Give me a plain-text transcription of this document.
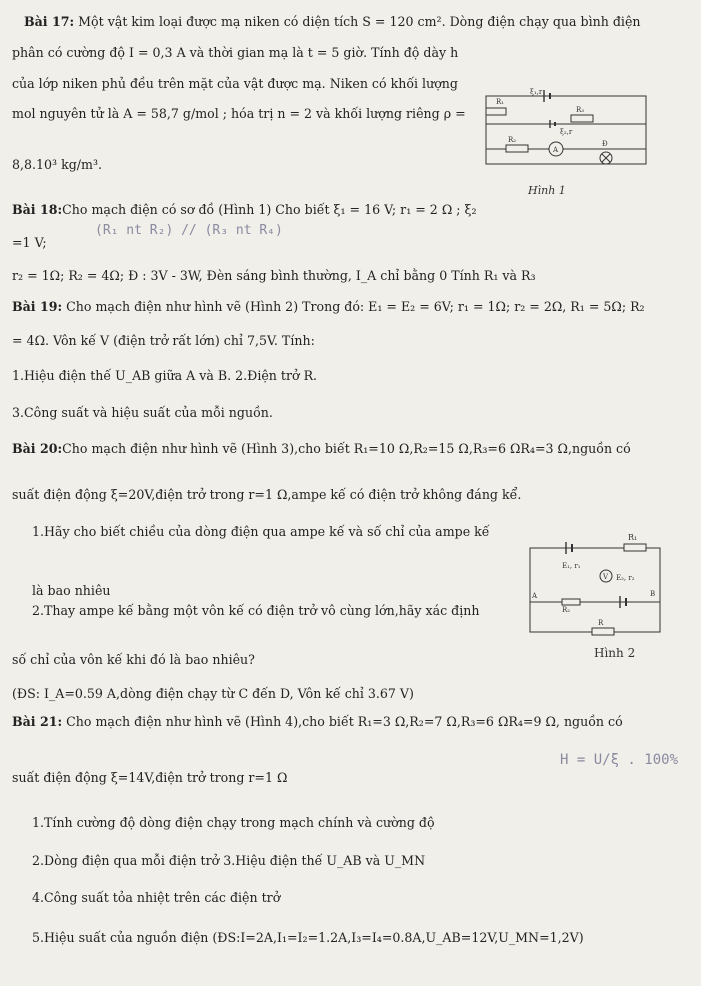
Bài 17: Một vật kim loại được mạ niken có diện tích S = 120 cm². Dòng điện chạy qua bình điện
phân có cường độ I = 0,3 A và thời gian mạ là t = 5 giờ. Tính độ dày h
của lớp niken phủ đều trên mặt của vật được mạ. Niken có khối lượng
mol nguyên tử là A = 58,7 g/mol ; hóa trị n = 2 và khối lượng riêng ρ =
8,8.10³ kg/m³.
Bài 18:Cho mạch điện có sơ đồ (Hình 1) Cho biết ξ₁ = 16 V; r₁ = 2 Ω ; ξ₂
=1 V;
r₂ = 1Ω; R₂ = 4Ω; Đ : 3V - 3W, Đèn sáng bình thường, I_A chỉ bằng 0 Tính R₁ và R₃
Bài 19: Cho mạch điện như hình vẽ (Hình 2) Trong đó: E₁ = E₂ = 6V; r₁ = 1Ω; r₂ = 2Ω, R₁ = 5Ω; R₂
= 4Ω. Vôn kế V (điện trở rất lớn) chỉ 7,5V. Tính:
1.Hiệu điện thế U_AB giữa A và B. 2.Điện trở R.
3.Công suất và hiệu suất của mỗi nguồn.
Bài 20:Cho mạch điện như hình vẽ (Hình 3),cho biết R₁=10 Ω,R₂=15 Ω,R₃=6 ΩR₄=3 Ω,nguồn có
suất điện động ξ=20V,điện trở trong r=1 Ω,ampe kế có điện trở không đáng kể.
1.Hãy cho biết chiều của dòng điện qua ampe kế và số chỉ của ampe kế
là bao nhiêu
2.Thay ampe kế bằng một vôn kế có điện trở vô cùng lớn,hãy xác định
số chỉ của vôn kế khi đó là bao nhiêu?
(ĐS: I_A=0.59 A,dòng điện chạy từ C đến D, Vôn kế chỉ 3.67 V)
Bài 21: Cho mạch điện như hình vẽ (Hình 4),cho biết R₁=3 Ω,R₂=7 Ω,R₃=6 ΩR₄=9 Ω, nguồn có
suất điện động ξ=14V,điện trở trong r=1 Ω
1.Tính cường độ dòng điện chạy trong mạch chính và cường độ
2.Dòng điện qua mỗi điện trở 3.Hiệu điện thế U_AB và U_MN
4.Công suất tỏa nhiệt trên các điện trở
5.Hiệu suất của nguồn điện (ĐS:I=2A,I₁=I₂=1.2A,I₃=I₄=0.8A,U_AB=12V,U_MN=1,2V)
ξ₁,r
R₁
R₃
ξ₂,r
R₂
A
Đ
Hình 1
R₁
E₁, r₁
V E₂, r₂
B
A
R₂
R
Hình 2
(R₁ nt R₂) // (R₃ nt R₄)
H = U/ξ . 100%
